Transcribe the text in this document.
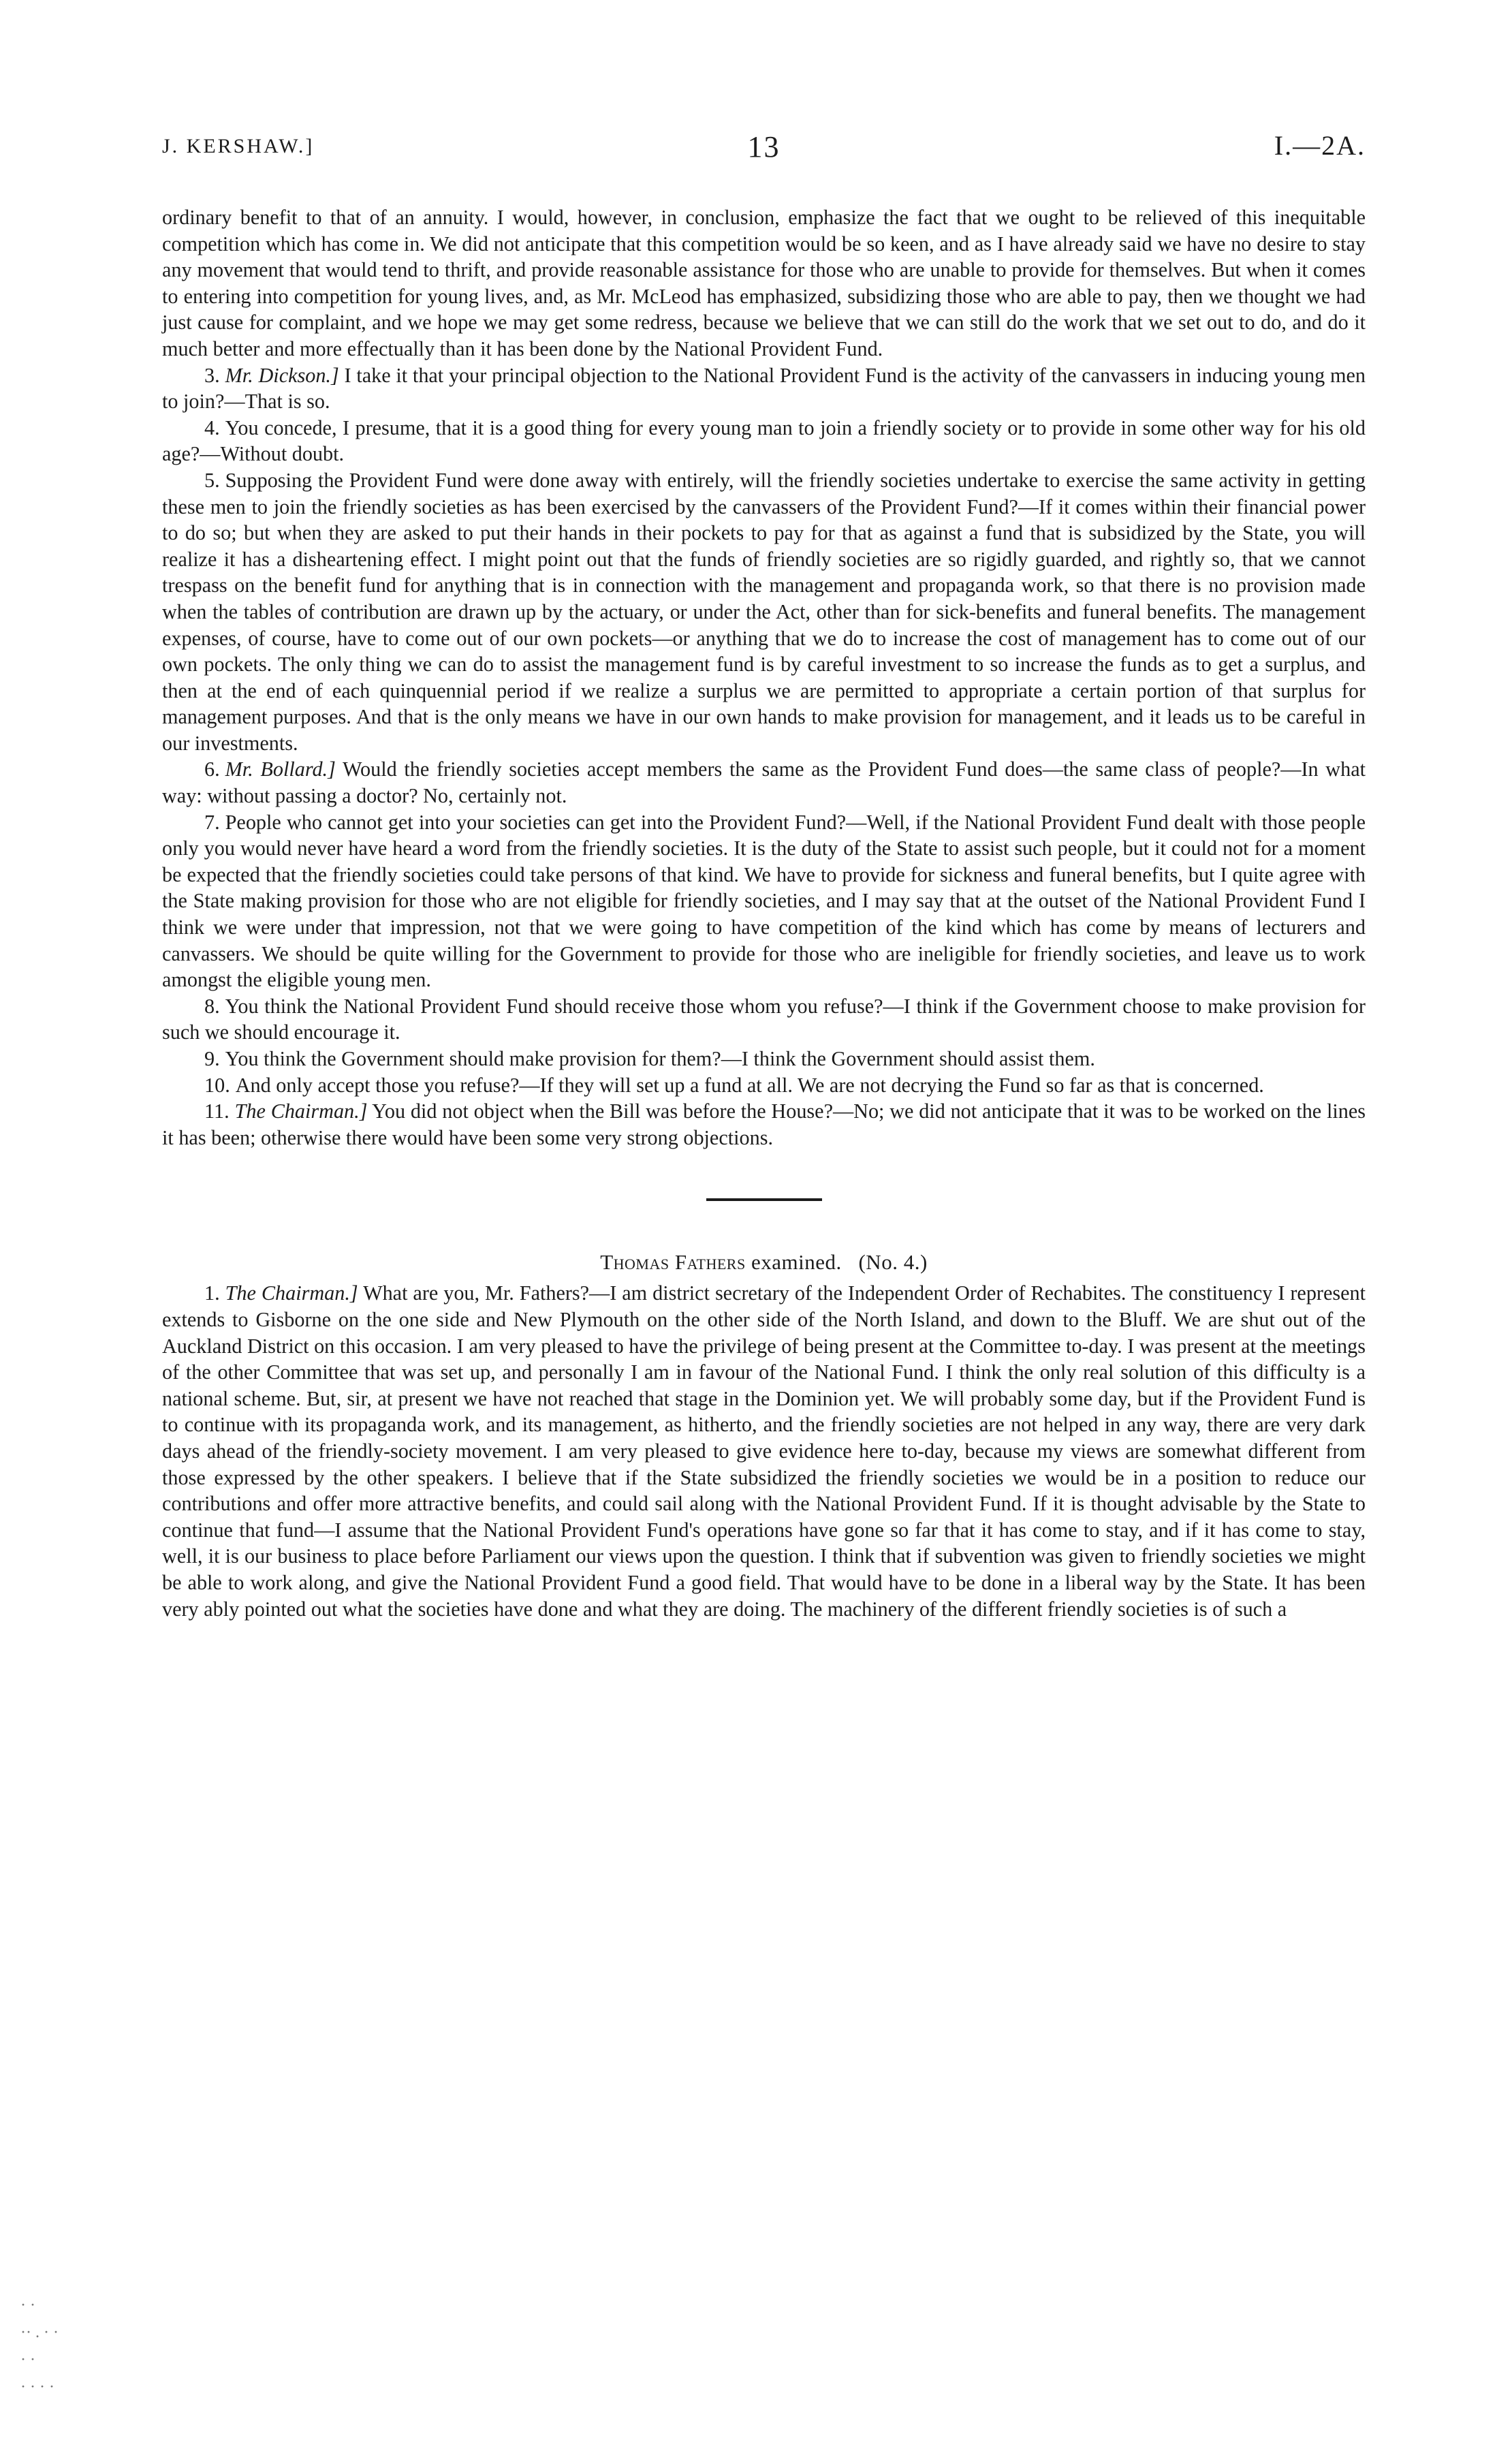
J. KERSHAW.]	13	I.—2A.

ordinary benefit to that of an annuity. I would, however, in conclusion, emphasize the fact that we ought to be relieved of this inequitable competition which has come in. We did not anticipate that this competition would be so keen, and as I have already said we have no desire to stay any movement that would tend to thrift, and provide reasonable assistance for those who are unable to provide for themselves. But when it comes to entering into competition for young lives, and, as Mr. McLeod has emphasized, subsidizing those who are able to pay, then we thought we had just cause for complaint, and we hope we may get some redress, because we believe that we can still do the work that we set out to do, and do it much better and more effectually than it has been done by the National Provident Fund.

3. Mr. Dickson.] I take it that your principal objection to the National Provident Fund is the activity of the canvassers in inducing young men to join?—That is so.

4. You concede, I presume, that it is a good thing for every young man to join a friendly society or to provide in some other way for his old age?—Without doubt.

5. Supposing the Provident Fund were done away with entirely, will the friendly societies undertake to exercise the same activity in getting these men to join the friendly societies as has been exercised by the canvassers of the Provident Fund?—If it comes within their financial power to do so; but when they are asked to put their hands in their pockets to pay for that as against a fund that is subsidized by the State, you will realize it has a disheartening effect. I might point out that the funds of friendly societies are so rigidly guarded, and rightly so, that we cannot trespass on the benefit fund for anything that is in connection with the management and propaganda work, so that there is no provision made when the tables of contribution are drawn up by the actuary, or under the Act, other than for sick-benefits and funeral benefits. The management expenses, of course, have to come out of our own pockets—or anything that we do to increase the cost of management has to come out of our own pockets. The only thing we can do to assist the management fund is by careful investment to so increase the funds as to get a surplus, and then at the end of each quinquennial period if we realize a surplus we are permitted to appropriate a certain portion of that surplus for management purposes. And that is the only means we have in our own hands to make provision for management, and it leads us to be careful in our investments.

6. Mr. Bollard.] Would the friendly societies accept members the same as the Provident Fund does—the same class of people?—In what way: without passing a doctor? No, certainly not.

7. People who cannot get into your societies can get into the Provident Fund?—Well, if the National Provident Fund dealt with those people only you would never have heard a word from the friendly societies. It is the duty of the State to assist such people, but it could not for a moment be expected that the friendly societies could take persons of that kind. We have to provide for sickness and funeral benefits, but I quite agree with the State making provision for those who are not eligible for friendly societies, and I may say that at the outset of the National Provident Fund I think we were under that impression, not that we were going to have competition of the kind which has come by means of lecturers and canvassers. We should be quite willing for the Government to provide for those who are ineligible for friendly societies, and leave us to work amongst the eligible young men.

8. You think the National Provident Fund should receive those whom you refuse?—I think if the Government choose to make provision for such we should encourage it.

9. You think the Government should make provision for them?—I think the Government should assist them.

10. And only accept those you refuse?—If they will set up a fund at all. We are not decrying the Fund so far as that is concerned.

11. The Chairman.] You did not object when the Bill was before the House?—No; we did not anticipate that it was to be worked on the lines it has been; otherwise there would have been some very strong objections.

Thomas Fathers examined. (No. 4.)

1. The Chairman.] What are you, Mr. Fathers?—I am district secretary of the Independent Order of Rechabites. The constituency I represent extends to Gisborne on the one side and New Plymouth on the other side of the North Island, and down to the Bluff. We are shut out of the Auckland District on this occasion. I am very pleased to have the privilege of being present at the Committee to-day. I was present at the meetings of the other Committee that was set up, and personally I am in favour of the National Fund. I think the only real solution of this difficulty is a national scheme. But, sir, at present we have not reached that stage in the Dominion yet. We will probably some day, but if the Provident Fund is to continue with its propaganda work, and its management, as hitherto, and the friendly societies are not helped in any way, there are very dark days ahead of the friendly-society movement. I am very pleased to give evidence here to-day, because my views are somewhat different from those expressed by the other speakers. I believe that if the State subsidized the friendly societies we would be in a position to reduce our contributions and offer more attractive benefits, and could sail along with the National Provident Fund. If it is thought advisable by the State to continue that fund—I assume that the National Provident Fund's operations have gone so far that it has come to stay, and if it has come to stay, well, it is our business to place before Parliament our views upon the question. I think that if subvention was given to friendly societies we might be able to work along, and give the National Provident Fund a good field. That would have to be done in a liberal way by the State. It has been very ably pointed out what the societies have done and what they are doing. The machinery of the different friendly societies is of such a

· ·
·· . · ·
· ·
· · · ·
